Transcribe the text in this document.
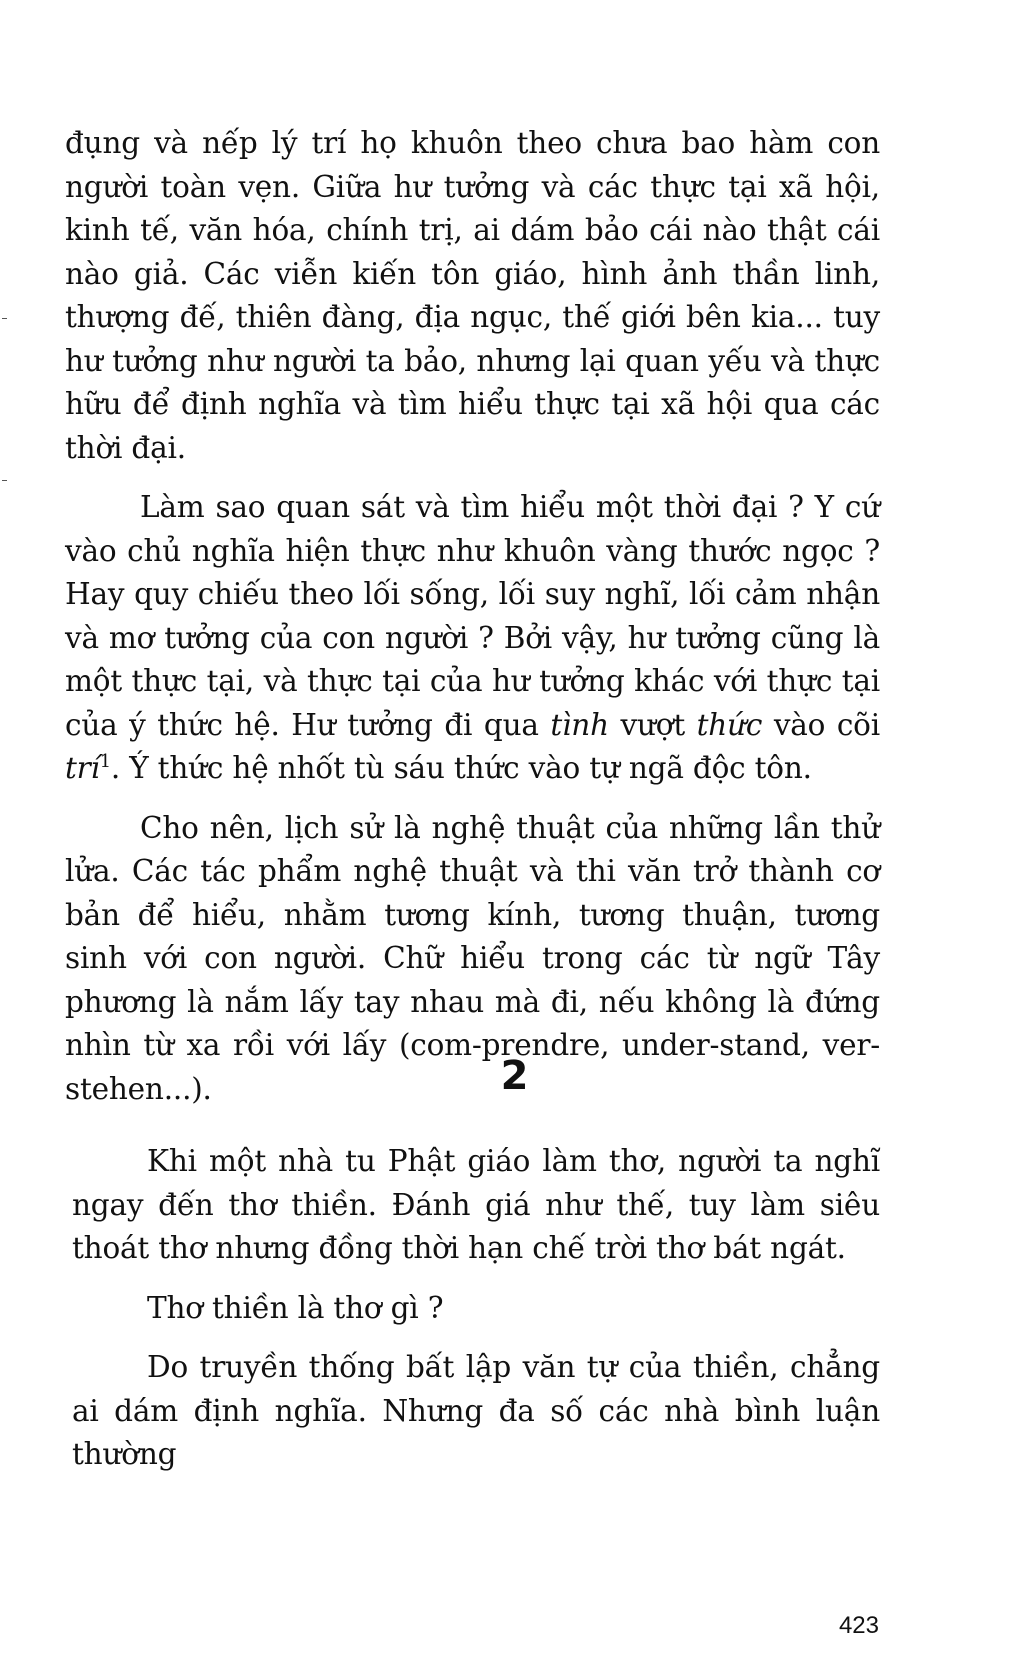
đụng và nếp lý trí họ khuôn theo chưa bao hàm con người toàn vẹn. Giữa hư tưởng và các thực tại xã hội, kinh tế, văn hóa, chính trị, ai dám bảo cái nào thật cái nào giả. Các viễn kiến tôn giáo, hình ảnh thần linh, thượng đế, thiên đàng, địa ngục, thế giới bên kia... tuy hư tưởng như người ta bảo, nhưng lại quan yếu và thực hữu để định nghĩa và tìm hiểu thực tại xã hội qua các thời đại.

Làm sao quan sát và tìm hiểu một thời đại ? Y cứ vào chủ nghĩa hiện thực như khuôn vàng thước ngọc ? Hay quy chiếu theo lối sống, lối suy nghĩ, lối cảm nhận và mơ tưởng của con người ? Bởi vậy, hư tưởng cũng là một thực tại, và thực tại của hư tưởng khác với thực tại của ý thức hệ. Hư tưởng đi qua tình vượt thức vào cõi trí$^1$. Ý thức hệ nhốt tù sáu thức vào tự ngã độc tôn.

Cho nên, lịch sử là nghệ thuật của những lần thử lửa. Các tác phẩm nghệ thuật và thi văn trở thành cơ bản để hiểu, nhằm tương kính, tương thuận, tương sinh với con người. Chữ hiểu trong các từ ngữ Tây phương là nắm lấy tay nhau mà đi, nếu không là đứng nhìn từ xa rồi với lấy (com-prendre, under-stand, ver-stehen...).	2

Khi một nhà tu Phật giáo làm thơ, người ta nghĩ ngay đến thơ thiền. Đánh giá như thế, tuy làm siêu thoát thơ nhưng đồng thời hạn chế trời thơ bát ngát.

Thơ thiền là thơ gì ?

Do truyền thống bất lập văn tự của thiền, chẳng ai dám định nghĩa. Nhưng đa số các nhà bình luận thường

423
